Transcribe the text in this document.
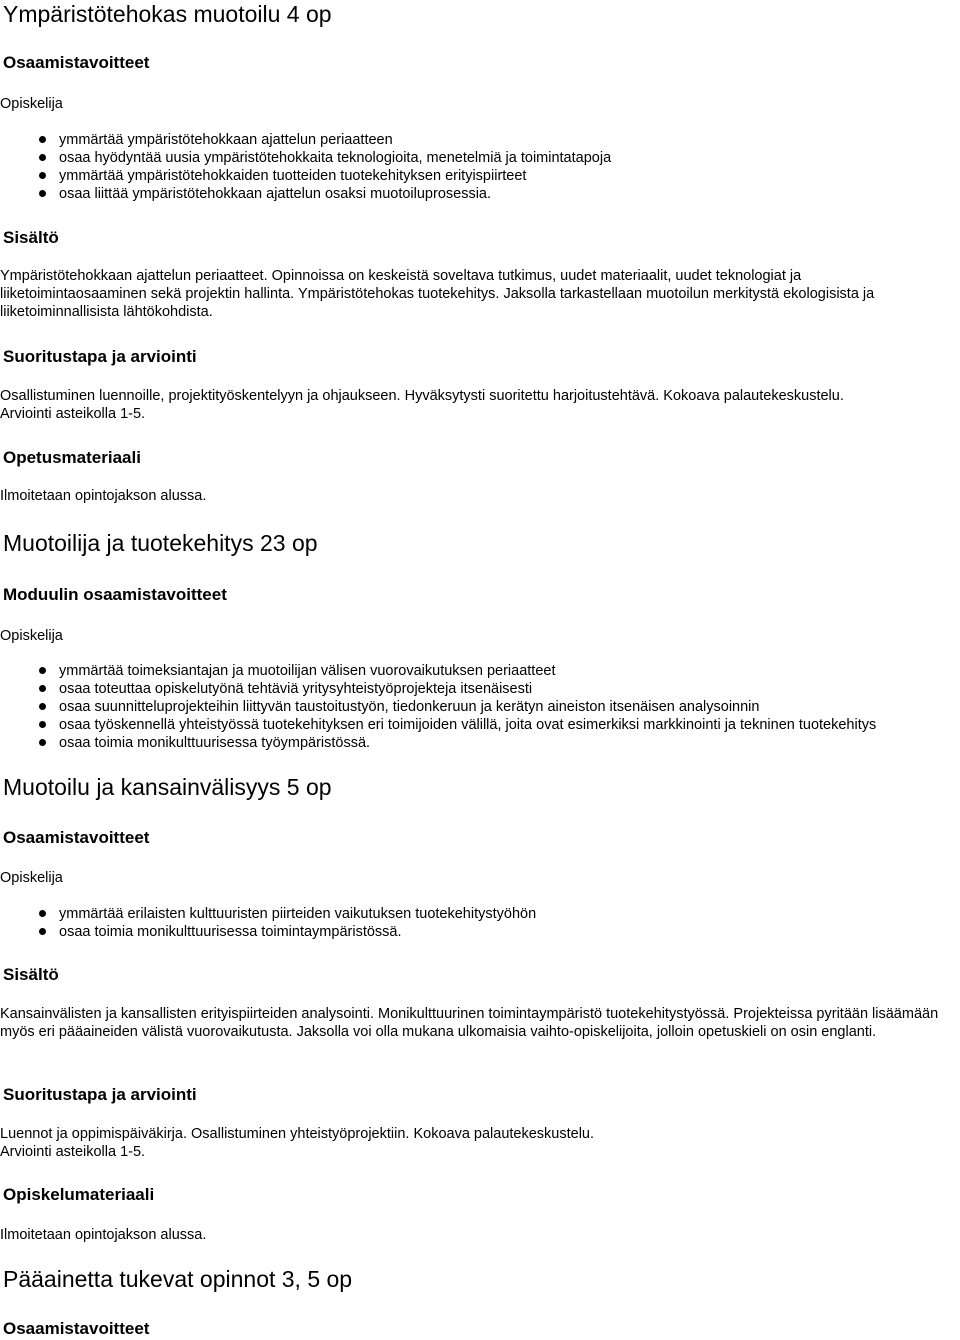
Ympäristötehokas muotoilu 4 op
Osaamistavoitteet

Opiskelija

ymmärtää ympäristötehokkaan ajattelun periaatteen
osaa hyödyntää uusia ympäristötehokkaita teknologioita, menetelmiä ja toimintatapoja
ymmärtää ympäristötehokkaiden tuotteiden tuotekehityksen erityispiirteet
osaa liittää ympäristötehokkaan ajattelun osaksi muotoiluprosessia.
Sisältö

Ympäristötehokkaan ajattelun periaatteet. Opinnoissa on keskeistä soveltava tutkimus, uudet materiaalit, uudet teknologiat ja liiketoimintaosaaminen sekä projektin hallinta. Ympäristötehokas tuotekehitys. Jaksolla tarkastellaan muotoilun merkitystä ekologisista ja liiketoiminnallisista lähtökohdista.

Suoritustapa ja arviointi

Osallistuminen luennoille, projektityöskentelyyn ja ohjaukseen. Hyväksytysti suoritettu harjoitustehtävä. Kokoava palautekeskustelu.

Arviointi asteikolla 1-5.

Opetusmateriaali

Ilmoitetaan opintojakson alussa.

Muotoilija ja tuotekehitys 23 op
Moduulin osaamistavoitteet

Opiskelija

ymmärtää toimeksiantajan ja muotoilijan välisen vuorovaikutuksen periaatteet
osaa toteuttaa opiskelutyönä tehtäviä yritysyhteistyöprojekteja itsenäisesti
osaa suunnitteluprojekteihin liittyvän taustoitustyön, tiedonkeruun ja kerätyn aineiston itsenäisen analysoinnin
osaa työskennellä yhteistyössä tuotekehityksen eri toimijoiden välillä, joita ovat esimerkiksi markkinointi ja tekninen tuotekehitys
osaa toimia monikulttuurisessa työympäristössä.
Muotoilu ja kansainvälisyys 5 op
Osaamistavoitteet

Opiskelija

ymmärtää erilaisten kulttuuristen piirteiden vaikutuksen tuotekehitystyöhön
osaa toimia monikulttuurisessa toimintaympäristössä.
Sisältö

Kansainvälisten ja kansallisten erityispiirteiden analysointi. Monikulttuurinen toimintaympäristö tuotekehitystyössä. Projekteissa pyritään lisäämään myös eri pääaineiden välistä vuorovaikutusta. Jaksolla voi olla mukana ulkomaisia vaihto-opiskelijoita, jolloin opetuskieli on osin englanti.

Suoritustapa ja arviointi

Luennot ja oppimispäiväkirja. Osallistuminen yhteistyöprojektiin. Kokoava palautekeskustelu.

Arviointi asteikolla 1-5.

Opiskelumateriaali

Ilmoitetaan opintojakson alussa.

Pääainetta tukevat opinnot 3, 5 op
Osaamistavoitteet
